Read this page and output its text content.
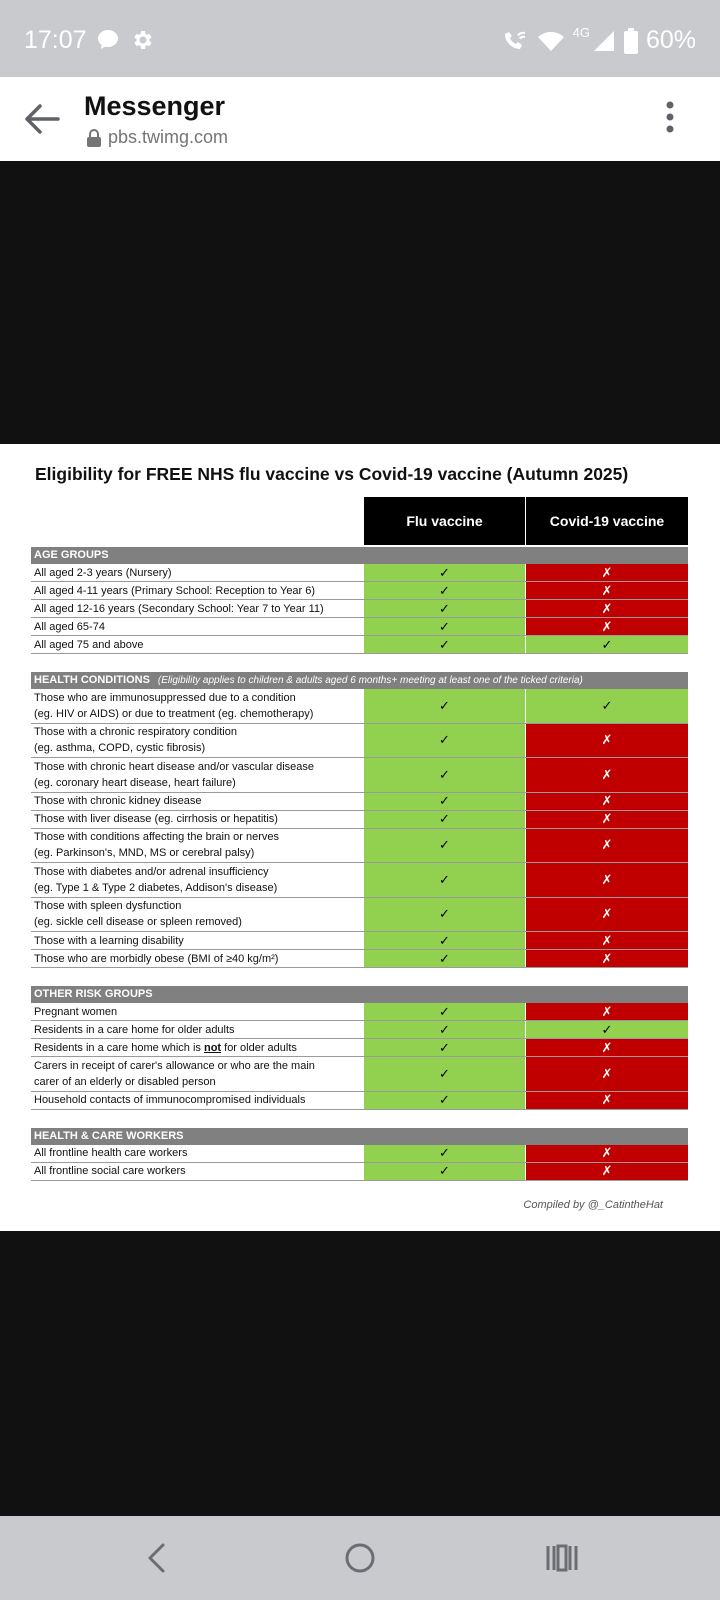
17:07	4G 60%
Messenger
pbs.twimg.com
Eligibility for FREE NHS flu vaccine vs Covid-19 vaccine (Autumn 2025)
Flu vaccine	Covid-19 vaccine
AGE GROUPS
All aged 2-3 years (Nursery)	✓	✗
All aged 4-11 years (Primary School: Reception to Year 6)	✓	✗
All aged 12-16 years (Secondary School: Year 7 to Year 11)	✓	✗
All aged 65-74	✓	✗
All aged 75 and above	✓	✓
HEALTH CONDITIONS (Eligibility applies to children & adults aged 6 months+ meeting at least one of the ticked criteria)
Those who are immunosuppressed due to a condition
(eg. HIV or AIDS) or due to treatment (eg. chemotherapy)
✓	✓
Those with a chronic respiratory condition
(eg. asthma, COPD, cystic fibrosis)
✓	✗
Those with chronic heart disease and/or vascular disease
(eg. coronary heart disease, heart failure)
✓	✗
Those with chronic kidney disease	✓	✗
Those with liver disease (eg. cirrhosis or hepatitis)	✓	✗
Those with conditions affecting the brain or nerves
(eg. Parkinson's, MND, MS or cerebral palsy)
✓	✗
Those with diabetes and/or adrenal insufficiency
(eg. Type 1 & Type 2 diabetes, Addison's disease)
✓	✗
Those with spleen dysfunction
(eg. sickle cell disease or spleen removed)
✓	✗
Those with a learning disability	✓	✗
Those who are morbidly obese (BMI of ≥40 kg/m²)	✓	✗
OTHER RISK GROUPS
Pregnant women	✓	✗
Residents in a care home for older adults	✓	✓
Residents in a care home which is not for older adults	✓	✗
Carers in receipt of carer's allowance or who are the main
carer of an elderly or disabled person
✓	✗
Household contacts of immunocompromised individuals	✓	✗
HEALTH & CARE WORKERS
All frontline health care workers	✓	✗
All frontline social care workers	✓	✗
Compiled by @_CatintheHat
